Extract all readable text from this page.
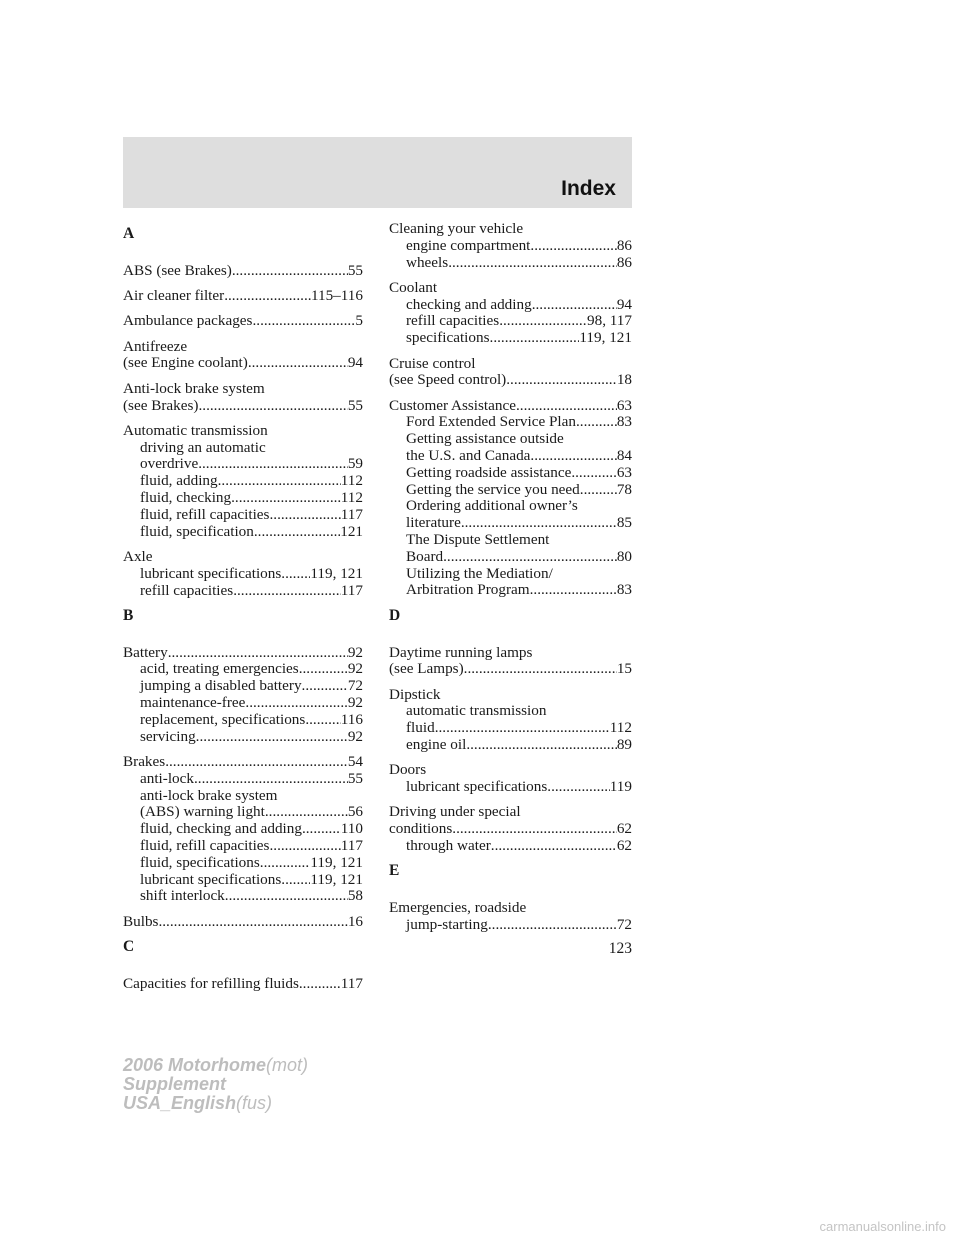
Index
A
ABS (see Brakes) .....	55
Air cleaner filter .....	115–116
Ambulance packages .....	5
Antifreeze
(see Engine coolant) .....	94
Anti-lock brake system
(see Brakes) .....	55
Automatic transmission
driving an automatic
overdrive .....	59
fluid, adding .....	112
fluid, checking .....	112
fluid, refill capacities .....	117
fluid, specification .....	121
Axle
lubricant specifications ..... 119, 121
refill capacities .....	117
B
Battery .....	92
acid, treating emergencies .....	92
jumping a disabled battery .....	72
maintenance-free .....	92
replacement, specifications ..... 116
servicing .....	92
Brakes .....	54
anti-lock .....	55
anti-lock brake system
(ABS) warning light .....	56
fluid, checking and adding .....	110
fluid, refill capacities .....	117
fluid, specifications .....	119, 121
lubricant specifications ..... 119, 121
shift interlock .....	58
Bulbs .....	16
C
Capacities for refilling fluids .....	117
Cleaning your vehicle
engine compartment .....	86
wheels .....	86
Coolant
checking and adding .....	94
refill capacities .....	98, 117
specifications .....	119, 121
Cruise control
(see Speed control) .....	18
Customer Assistance .....	63
Ford Extended Service Plan .....	83
Getting assistance outside
the U.S. and Canada .....	84
Getting roadside assistance .....	63
Getting the service you need ..... 78
Ordering additional owner’s
literature .....	85
The Dispute Settlement
Board .....	80
Utilizing the Mediation/
Arbitration Program .....	83
D
Daytime running lamps
(see Lamps) .....	15
Dipstick
automatic transmission
fluid .....	112
engine oil .....	89
Doors
lubricant specifications .....	119
Driving under special
conditions .....	62
through water .....	62
E
Emergencies, roadside
jump-starting .....	72
123
2006 Motorhome(mot)
Supplement
USA_English(fus)
carmanualsonline.info
